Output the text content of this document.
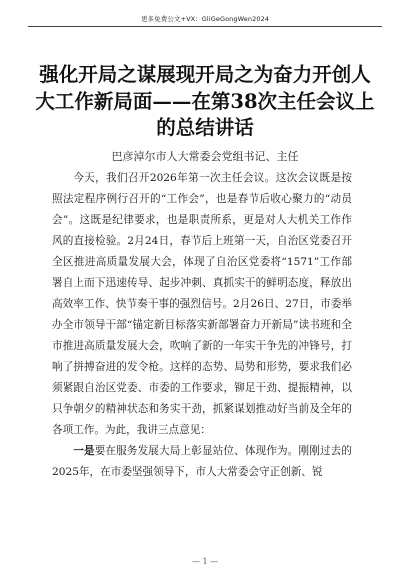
更多免费公文+VX：GliGeGongWen2024
强化开局之谋展现开局之为奋力开创人大工作新局面——在第38次主任会议上的总结讲话
巴彦淖尔市人大常委会党组书记、主任

今天，我们召开2026年第一次主任会议。这次会议既是按照法定程序例行召开的“工作会”，也是春节后收心聚力的“动员会”。这既是纪律要求，也是职责所系，更是对人大机关工作作风的直接检验。2月24日，春节后上班第一天，自治区党委召开全区推进高质量发展大会，体现了自治区党委将“1571”工作部署自上而下迅速传导、起步冲刺、真抓实干的鲜明态度，释放出高效率工作、快节奏干事的强烈信号。2月26日、27日，市委举办全市领导干部“锚定新目标落实新部署奋力开新局”读书班和全市推进高质量发展大会，吹响了新的一年实干争先的冲锋号，打响了拼搏奋进的发令枪。这样的态势、局势和形势，要求我们必须紧跟自治区党委、市委的工作要求，铆足干劲、提振精神，以只争朝夕的精神状态和务实干劲，抓紧谋划推动好当前及全年的各项工作。为此，我讲三点意见：

一是要在服务发展大局上彰显站位、体现作为。刚刚过去的2025年，在市委坚强领导下，市人大常委会守正创新、锐

— 1 —
